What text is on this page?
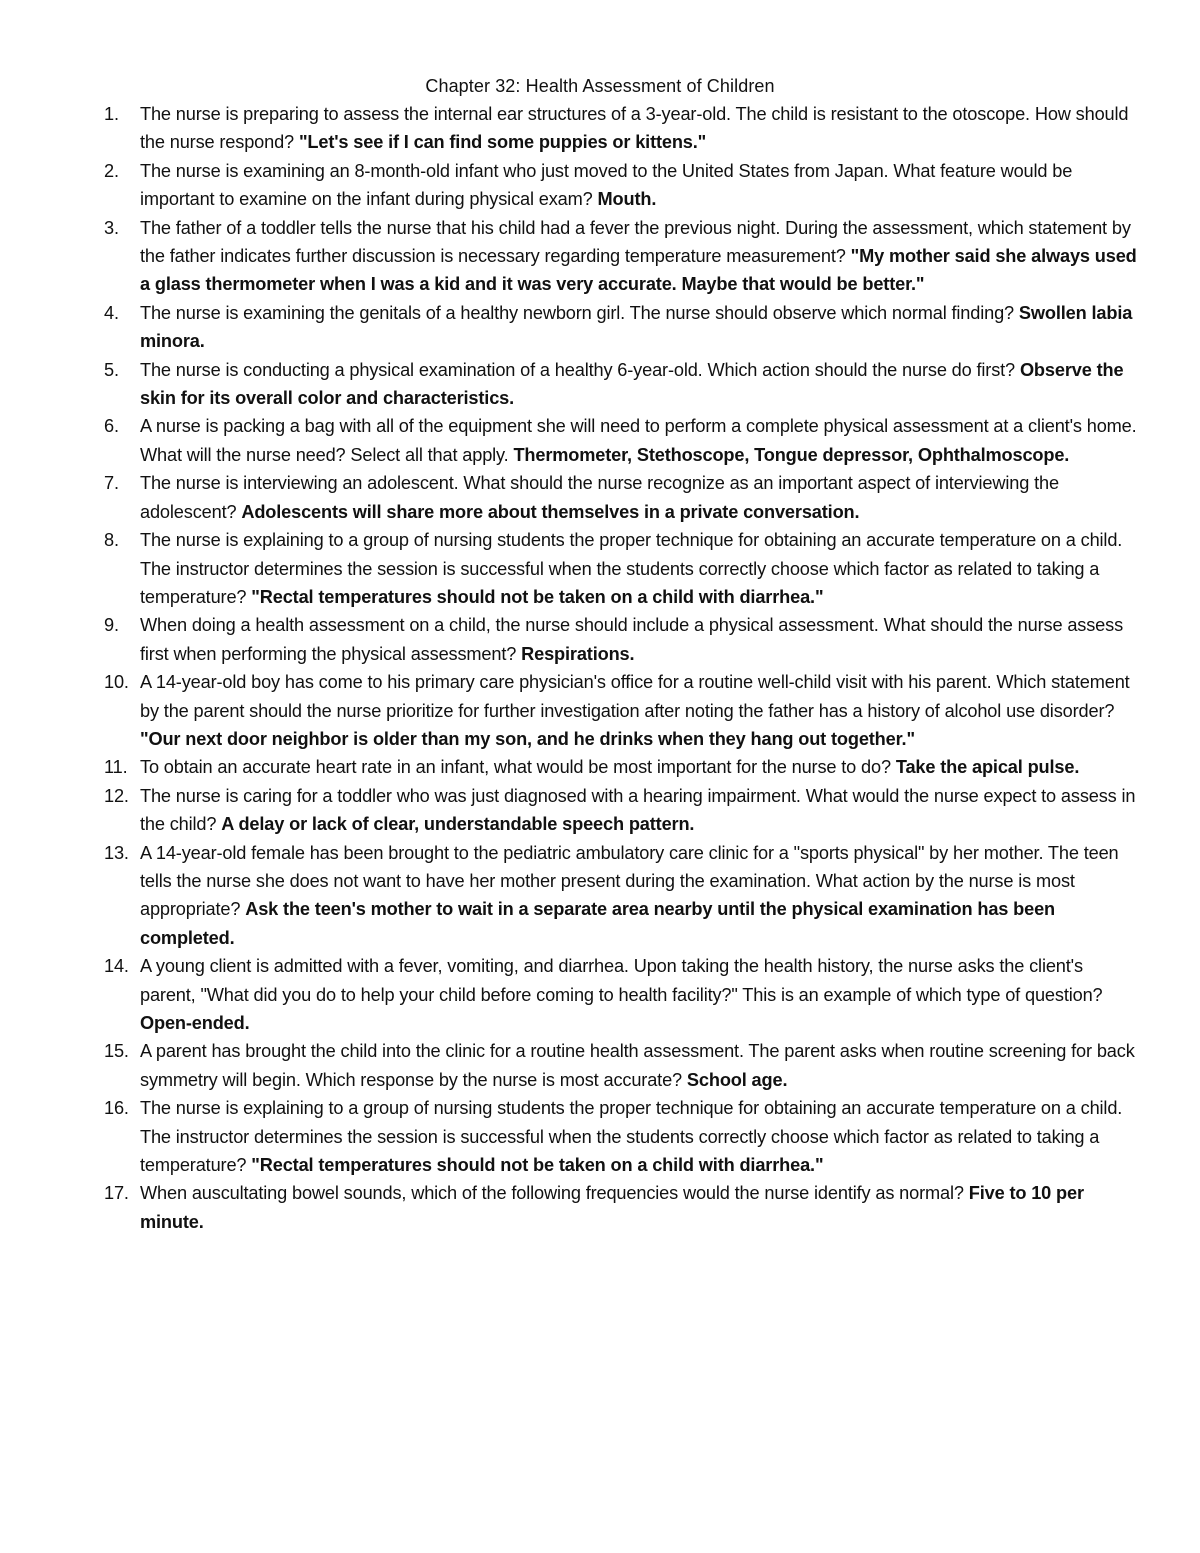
Chapter 32: Health Assessment of Children
1.	The nurse is preparing to assess the internal ear structures of a 3-year-old. The child is resistant to the otoscope. How should the nurse respond? "Let's see if I can find some puppies or kittens."
2.	The nurse is examining an 8-month-old infant who just moved to the United States from Japan. What feature would be important to examine on the infant during physical exam? Mouth.
3.	The father of a toddler tells the nurse that his child had a fever the previous night. During the assessment, which statement by the father indicates further discussion is necessary regarding temperature measurement? "My mother said she always used a glass thermometer when I was a kid and it was very accurate. Maybe that would be better."
4.	The nurse is examining the genitals of a healthy newborn girl. The nurse should observe which normal finding? Swollen labia minora.
5.	The nurse is conducting a physical examination of a healthy 6-year-old. Which action should the nurse do first? Observe the skin for its overall color and characteristics.
6.	A nurse is packing a bag with all of the equipment she will need to perform a complete physical assessment at a client's home. What will the nurse need? Select all that apply. Thermometer, Stethoscope, Tongue depressor, Ophthalmoscope.
7.	The nurse is interviewing an adolescent. What should the nurse recognize as an important aspect of interviewing the adolescent? Adolescents will share more about themselves in a private conversation.
8.	The nurse is explaining to a group of nursing students the proper technique for obtaining an accurate temperature on a child. The instructor determines the session is successful when the students correctly choose which factor as related to taking a temperature? "Rectal temperatures should not be taken on a child with diarrhea."
9.	When doing a health assessment on a child, the nurse should include a physical assessment. What should the nurse assess first when performing the physical assessment? Respirations.
10. A 14-year-old boy has come to his primary care physician's office for a routine well-child visit with his parent. Which statement by the parent should the nurse prioritize for further investigation after noting the father has a history of alcohol use disorder? "Our next door neighbor is older than my son, and he drinks when they hang out together."
11. To obtain an accurate heart rate in an infant, what would be most important for the nurse to do? Take the apical pulse.
12. The nurse is caring for a toddler who was just diagnosed with a hearing impairment. What would the nurse expect to assess in the child? A delay or lack of clear, understandable speech pattern.
13. A 14-year-old female has been brought to the pediatric ambulatory care clinic for a "sports physical" by her mother. The teen tells the nurse she does not want to have her mother present during the examination. What action by the nurse is most appropriate? Ask the teen's mother to wait in a separate area nearby until the physical examination has been completed.
14. A young client is admitted with a fever, vomiting, and diarrhea. Upon taking the health history, the nurse asks the client's parent, "What did you do to help your child before coming to health facility?" This is an example of which type of question? Open-ended.
15. A parent has brought the child into the clinic for a routine health assessment. The parent asks when routine screening for back symmetry will begin. Which response by the nurse is most accurate? School age.
16. The nurse is explaining to a group of nursing students the proper technique for obtaining an accurate temperature on a child. The instructor determines the session is successful when the students correctly choose which factor as related to taking a temperature? "Rectal temperatures should not be taken on a child with diarrhea."
17. When auscultating bowel sounds, which of the following frequencies would the nurse identify as normal? Five to 10 per minute.
